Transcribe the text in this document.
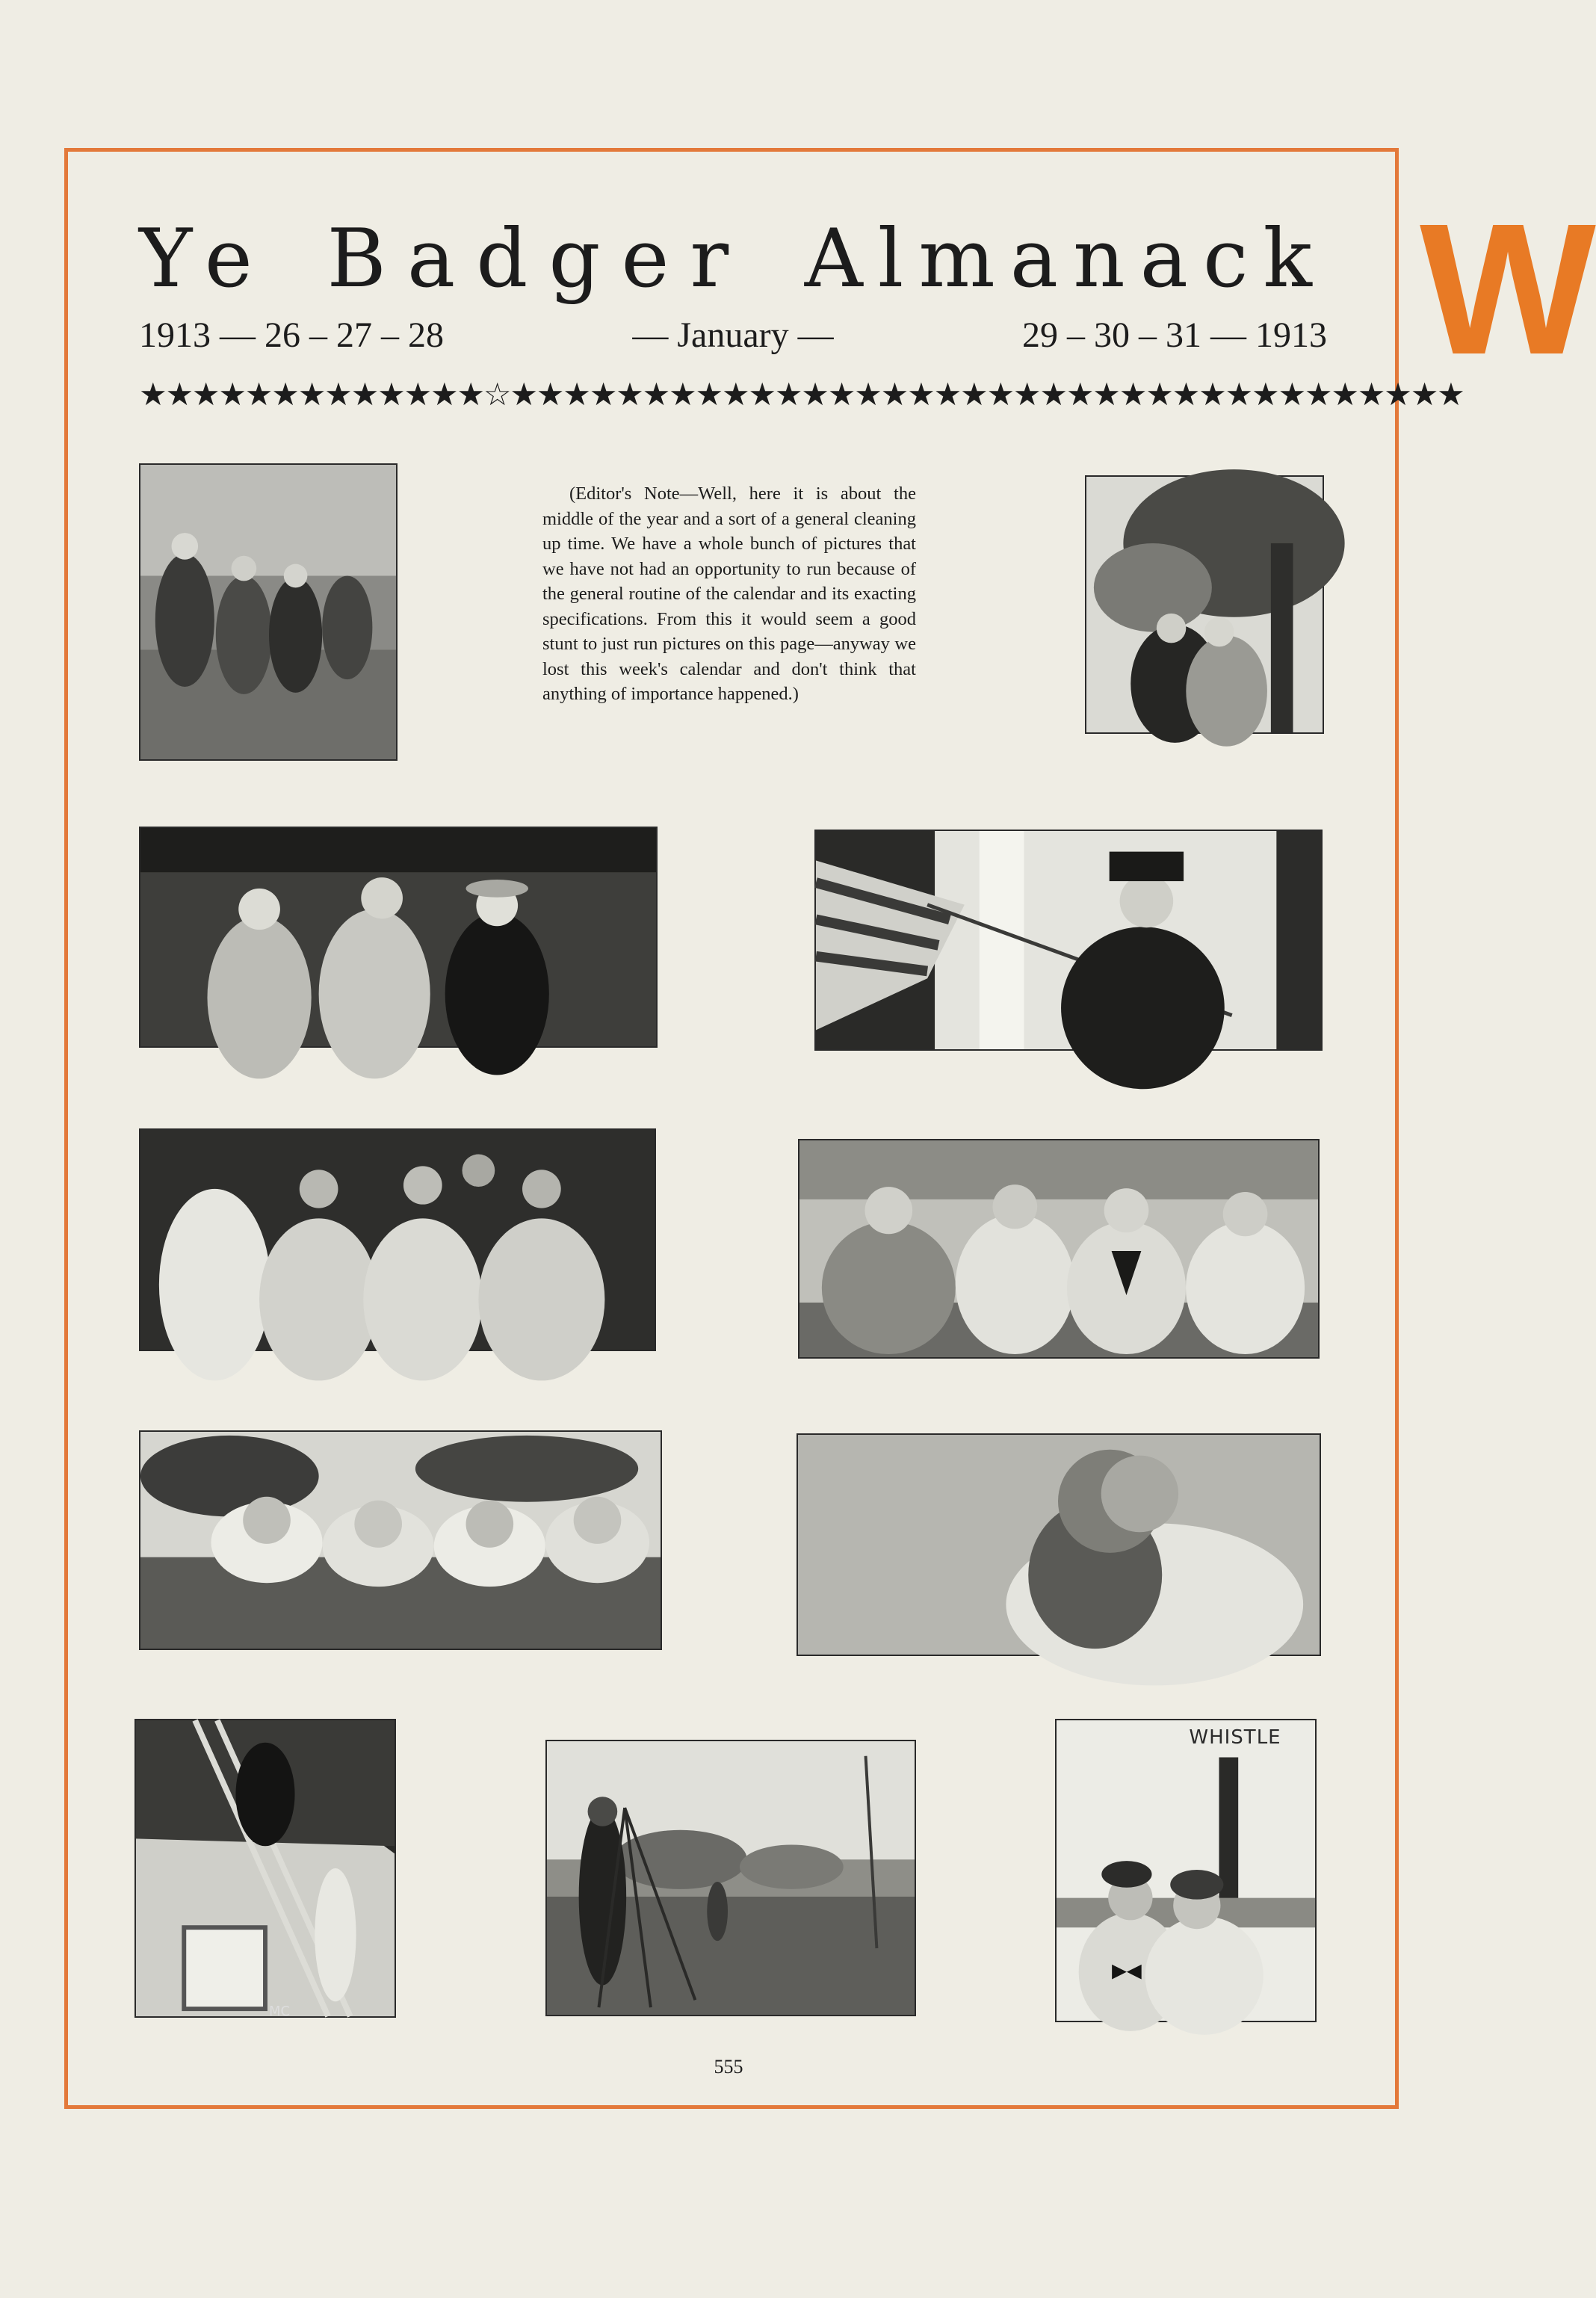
W
Ye Badger Almanack
1913 — 26 – 27 – 28	— January —	29 – 30 – 31 — 1913
★★★★★★★★★★★★★☆★★★★★★★★★★★★★★★★★★★★★★★★★★★★★★★★★★★★
(Editor's Note—Well, here it is about the middle of the year and a sort of a general cleaning up time. We have a whole bunch of pictures that we have not had an opportunity to run because of the general routine of the calendar and its exacting specifications. From this it would seem a good stunt to just run pictures on this page—anyway we lost this week's calendar and don't think that anything of importance happened.)
WHISTLE
MC
555
